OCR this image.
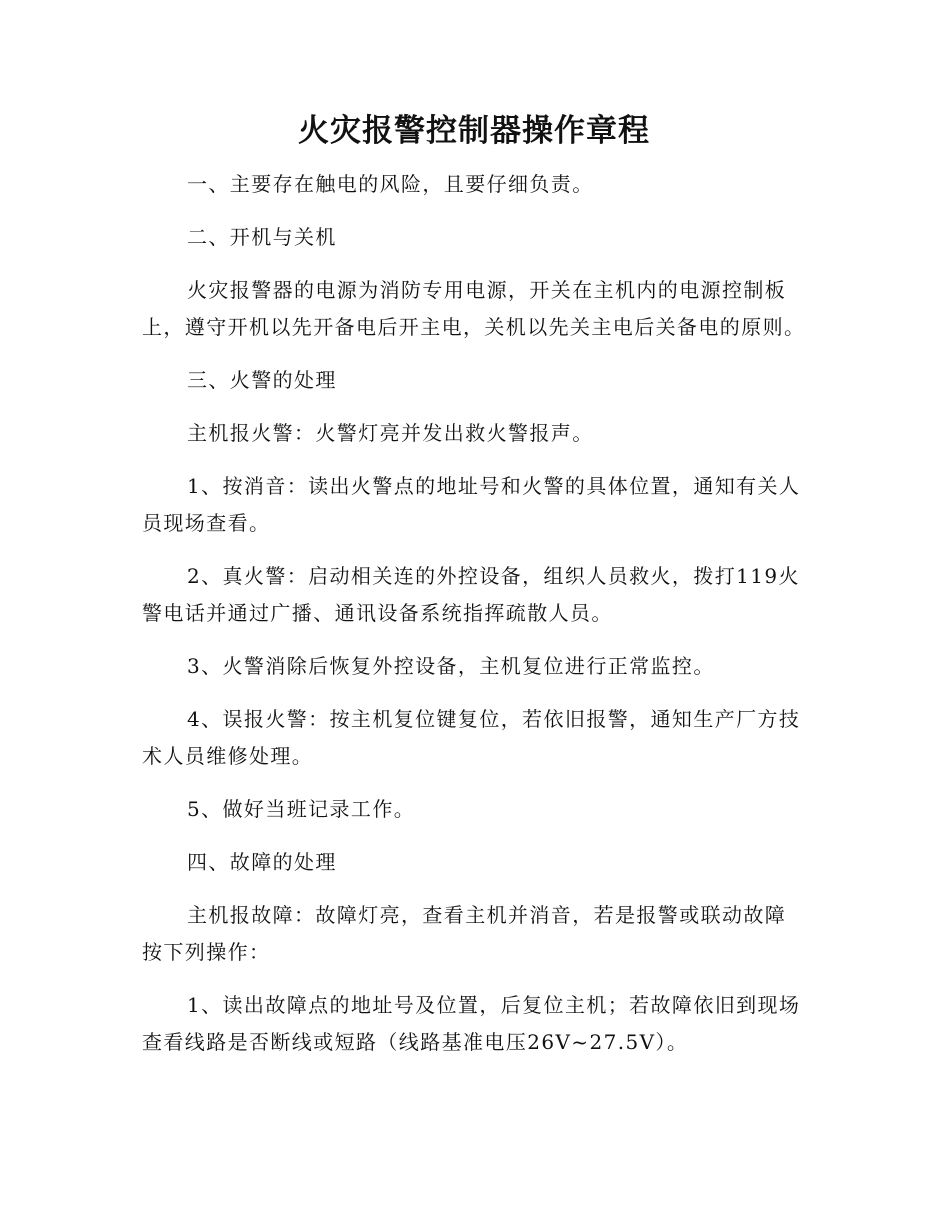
火灾报警控制器操作章程

一、主要存在触电的风险，且要仔细负责。

二、开机与关机

火灾报警器的电源为消防专用电源，开关在主机内的电源控制板上，遵守开机以先开备电后开主电，关机以先关主电后关备电的原则。

三、火警的处理

主机报火警：火警灯亮并发出救火警报声。

1、按消音：读出火警点的地址号和火警的具体位置，通知有关人员现场查看。

2、真火警：启动相关连的外控设备，组织人员救火，拨打119火警电话并通过广播、通讯设备系统指挥疏散人员。

3、火警消除后恢复外控设备，主机复位进行正常监控。

4、误报火警：按主机复位键复位，若依旧报警，通知生产厂方技术人员维修处理。

5、做好当班记录工作。

四、故障的处理

主机报故障：故障灯亮，查看主机并消音，若是报警或联动故障按下列操作：

1、读出故障点的地址号及位置，后复位主机；若故障依旧到现场查看线路是否断线或短路（线路基准电压26V~27.5V）。
